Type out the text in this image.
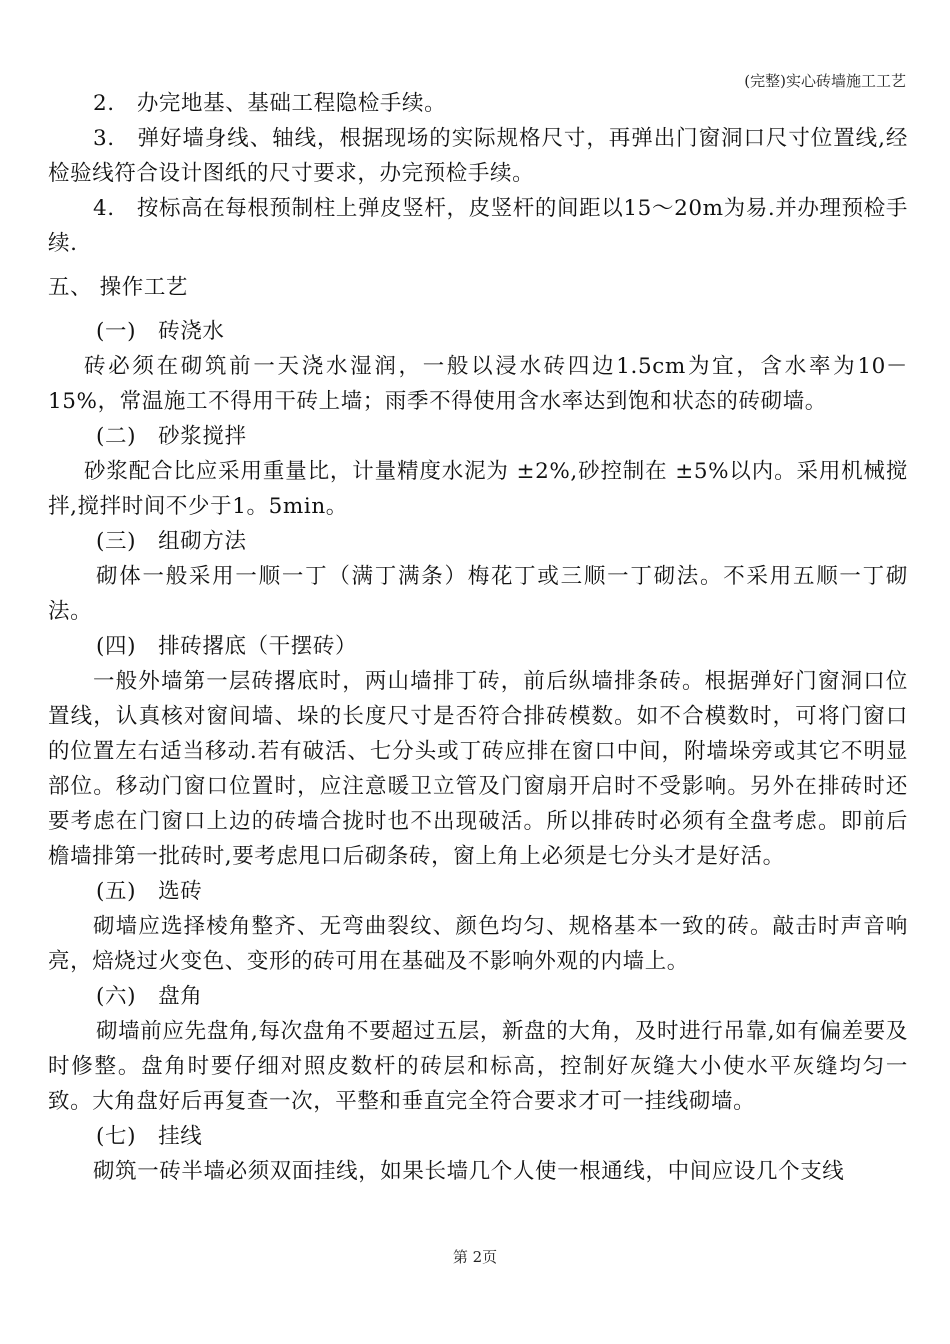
(完整)实心砖墙施工工艺

2.　办完地基、基础工程隐检手续。

3.　弹好墙身线、轴线，根据现场的实际规格尺寸，再弹出门窗洞口尺寸位置线,经检验线符合设计图纸的尺寸要求，办完预检手续。

4.　按标高在每根预制柱上弹皮竖杆，皮竖杆的间距以15～20m为易.并办理预检手续.

五、 操作工艺

(一)　砖浇水

砖必须在砌筑前一天浇水湿润，一般以浸水砖四边1.5cm为宜，含水率为10－15%，常温施工不得用干砖上墙；雨季不得使用含水率达到饱和状态的砖砌墙。

(二)　砂浆搅拌

砂浆配合比应采用重量比，计量精度水泥为 ±2%,砂控制在 ±5%以内。采用机械搅拌,搅拌时间不少于1。5min。

(三)　组砌方法

砌体一般采用一顺一丁（满丁满条）梅花丁或三顺一丁砌法。不采用五顺一丁砌法。

(四)　排砖撂底（干摆砖）

一般外墙第一层砖撂底时，两山墙排丁砖，前后纵墙排条砖。根据弹好门窗洞口位置线，认真核对窗间墙、垛的长度尺寸是否符合排砖模数。如不合模数时，可将门窗口的位置左右适当移动.若有破活、七分头或丁砖应排在窗口中间，附墙垛旁或其它不明显部位。移动门窗口位置时，应注意暖卫立管及门窗扇开启时不受影响。另外在排砖时还要考虑在门窗口上边的砖墙合拢时也不出现破活。所以排砖时必须有全盘考虑。即前后檐墙排第一批砖时,要考虑甩口后砌条砖，窗上角上必须是七分头才是好活。

(五)　选砖

砌墙应选择棱角整齐、无弯曲裂纹、颜色均匀、规格基本一致的砖。敲击时声音响亮，焙烧过火变色、变形的砖可用在基础及不影响外观的内墙上。

(六)　盘角

砌墙前应先盘角,每次盘角不要超过五层，新盘的大角，及时进行吊靠,如有偏差要及时修整。盘角时要仔细对照皮数杆的砖层和标高，控制好灰缝大小使水平灰缝均匀一致。大角盘好后再复查一次，平整和垂直完全符合要求才可一挂线砌墙。

(七)　挂线

砌筑一砖半墙必须双面挂线，如果长墙几个人使一根通线，中间应设几个支线

第 2页
